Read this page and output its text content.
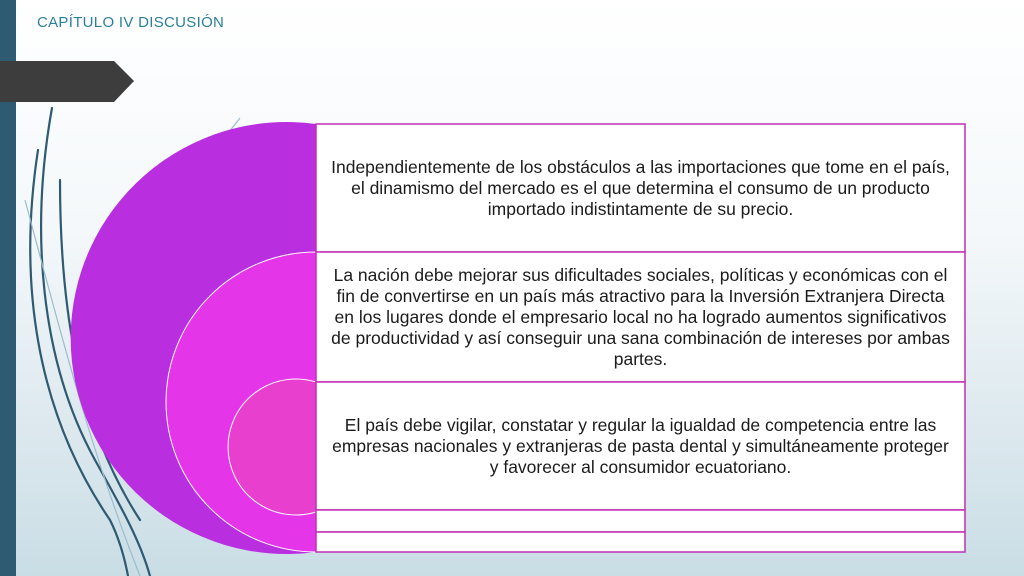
CAPÍTULO IV DISCUSIÓN
Independientemente de los obstáculos a las importaciones que tome en el país, el dinamismo del mercado es el que determina el consumo de un producto importado indistintamente de su precio.
La nación debe mejorar sus dificultades sociales, políticas y económicas con el fin de convertirse en un país más atractivo para la Inversión Extranjera Directa en los lugares donde el empresario local no ha logrado aumentos significativos de productividad y así conseguir una sana combinación de intereses por ambas partes.
El país debe vigilar, constatar y regular la igualdad de competencia entre las empresas nacionales y extranjeras de pasta dental y simultáneamente proteger y favorecer al consumidor ecuatoriano.
